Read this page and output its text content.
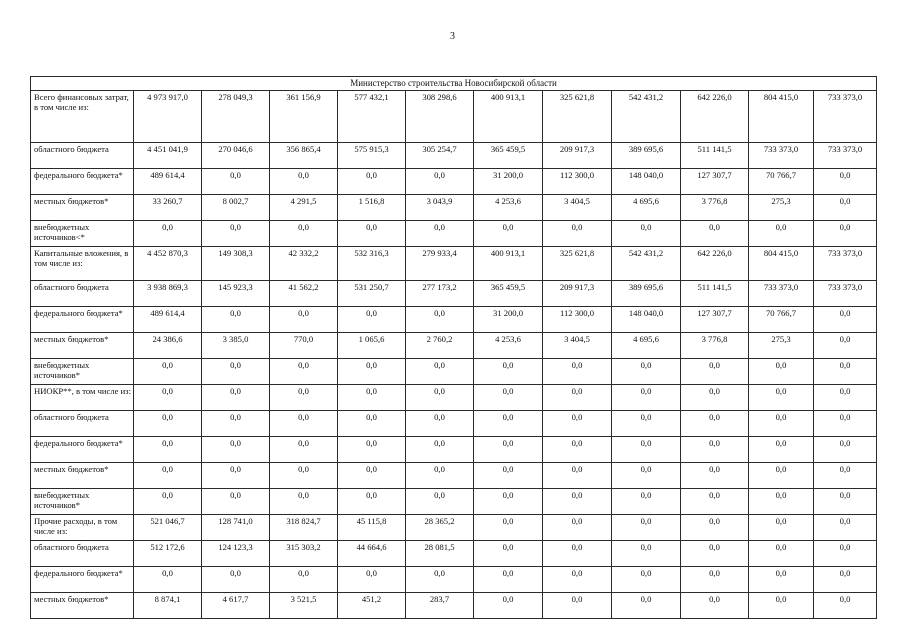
3
Министерство строительства Новосибирской области											
Всего финансовых затрат, в том числе из:	4 973 917,0	278 049,3	361 156,9	577 432,1	308 298,6	400 913,1	325 621,8	542 431,2	642 226,0	804 415,0	733 373,0
областного бюджета	4 451 041,9	270 046,6	356 865,4	575 915,3	305 254,7	365 459,5	209 917,3	389 695,6	511 141,5	733 373,0	733 373,0
федерального бюджета*	489 614,4	0,0	0,0	0,0	0,0	31 200,0	112 300,0	148 040,0	127 307,7	70 766,7	0,0
местных бюджетов*	33 260,7	8 002,7	4 291,5	1 516,8	3 043,9	4 253,6	3 404,5	4 695,6	3 776,8	275,3	0,0
внебюджетных источников<*	0,0	0,0	0,0	0,0	0,0	0,0	0,0	0,0	0,0	0,0	0,0
Капитальные вложения, в том числе из:	4 452 870,3	149 308,3	42 332,2	532 316,3	279 933,4	400 913,1	325 621,8	542 431,2	642 226,0	804 415,0	733 373,0
областного бюджета	3 938 869,3	145 923,3	41 562,2	531 250,7	277 173,2	365 459,5	209 917,3	389 695,6	511 141,5	733 373,0	733 373,0
федерального бюджета*	489 614,4	0,0	0,0	0,0	0,0	31 200,0	112 300,0	148 040,0	127 307,7	70 766,7	0,0
местных бюджетов*	24 386,6	3 385,0	770,0	1 065,6	2 760,2	4 253,6	3 404,5	4 695,6	3 776,8	275,3	0,0
внебюджетных источников*	0,0	0,0	0,0	0,0	0,0	0,0	0,0	0,0	0,0	0,0	0,0
НИОКР**, в том числе из:	0,0	0,0	0,0	0,0	0,0	0,0	0,0	0,0	0,0	0,0	0,0
областного бюджета	0,0	0,0	0,0	0,0	0,0	0,0	0,0	0,0	0,0	0,0	0,0
федерального бюджета*	0,0	0,0	0,0	0,0	0,0	0,0	0,0	0,0	0,0	0,0	0,0
местных бюджетов*	0,0	0,0	0,0	0,0	0,0	0,0	0,0	0,0	0,0	0,0	0,0
внебюджетных источников*	0,0	0,0	0,0	0,0	0,0	0,0	0,0	0,0	0,0	0,0	0,0
Прочие расходы, в том числе из:	521 046,7	128 741,0	318 824,7	45 115,8	28 365,2	0,0	0,0	0,0	0,0	0,0	0,0
областного бюджета	512 172,6	124 123,3	315 303,2	44 664,6	28 081,5	0,0	0,0	0,0	0,0	0,0	0,0
федерального бюджета*	0,0	0,0	0,0	0,0	0,0	0,0	0,0	0,0	0,0	0,0	0,0
местных бюджетов*	8 874,1	4 617,7	3 521,5	451,2	283,7	0,0	0,0	0,0	0,0	0,0	0,0
